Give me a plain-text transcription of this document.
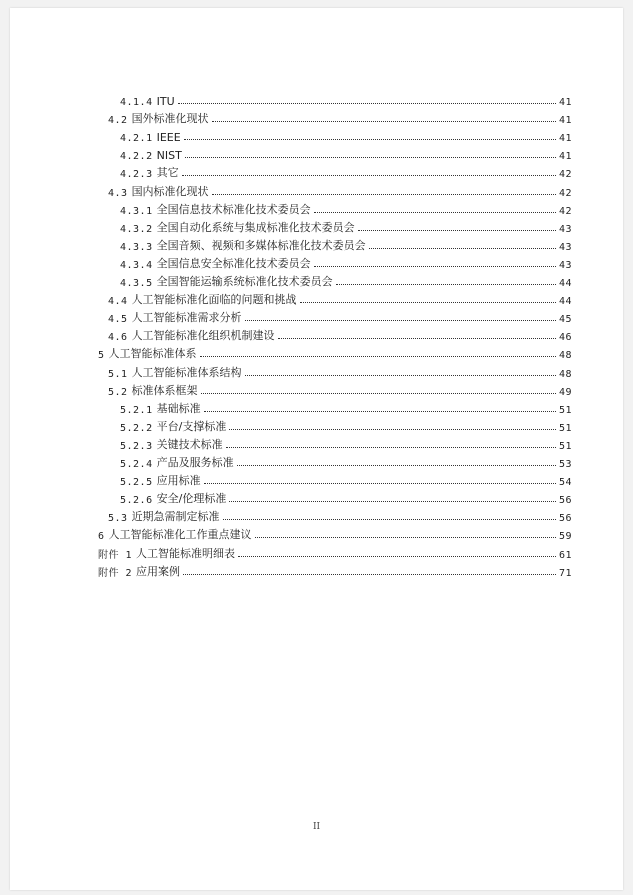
4.1.4 ITU	41
4.2 国外标准化现状	41
4.2.1 IEEE	41
4.2.2 NIST	41
4.2.3 其它	42
4.3 国内标准化现状	42
4.3.1 全国信息技术标准化技术委员会	42
4.3.2 全国自动化系统与集成标准化技术委员会	43
4.3.3 全国音频、视频和多媒体标准化技术委员会	43
4.3.4 全国信息安全标准化技术委员会	43
4.3.5 全国智能运输系统标准化技术委员会	44
4.4 人工智能标准化面临的问题和挑战	44
4.5 人工智能标准需求分析	45
4.6 人工智能标准化组织机制建设	46
5 人工智能标准体系	48
5.1 人工智能标准体系结构	48
5.2 标准体系框架	49
5.2.1 基础标准	51
5.2.2 平台/支撑标准	51
5.2.3 关键技术标准	51
5.2.4 产品及服务标准	53
5.2.5 应用标准	54
5.2.6 安全/伦理标准	56
5.3 近期急需制定标准	56
6 人工智能标准化工作重点建议	59
附件 1 人工智能标准明细表	61
附件 2 应用案例	71
II
